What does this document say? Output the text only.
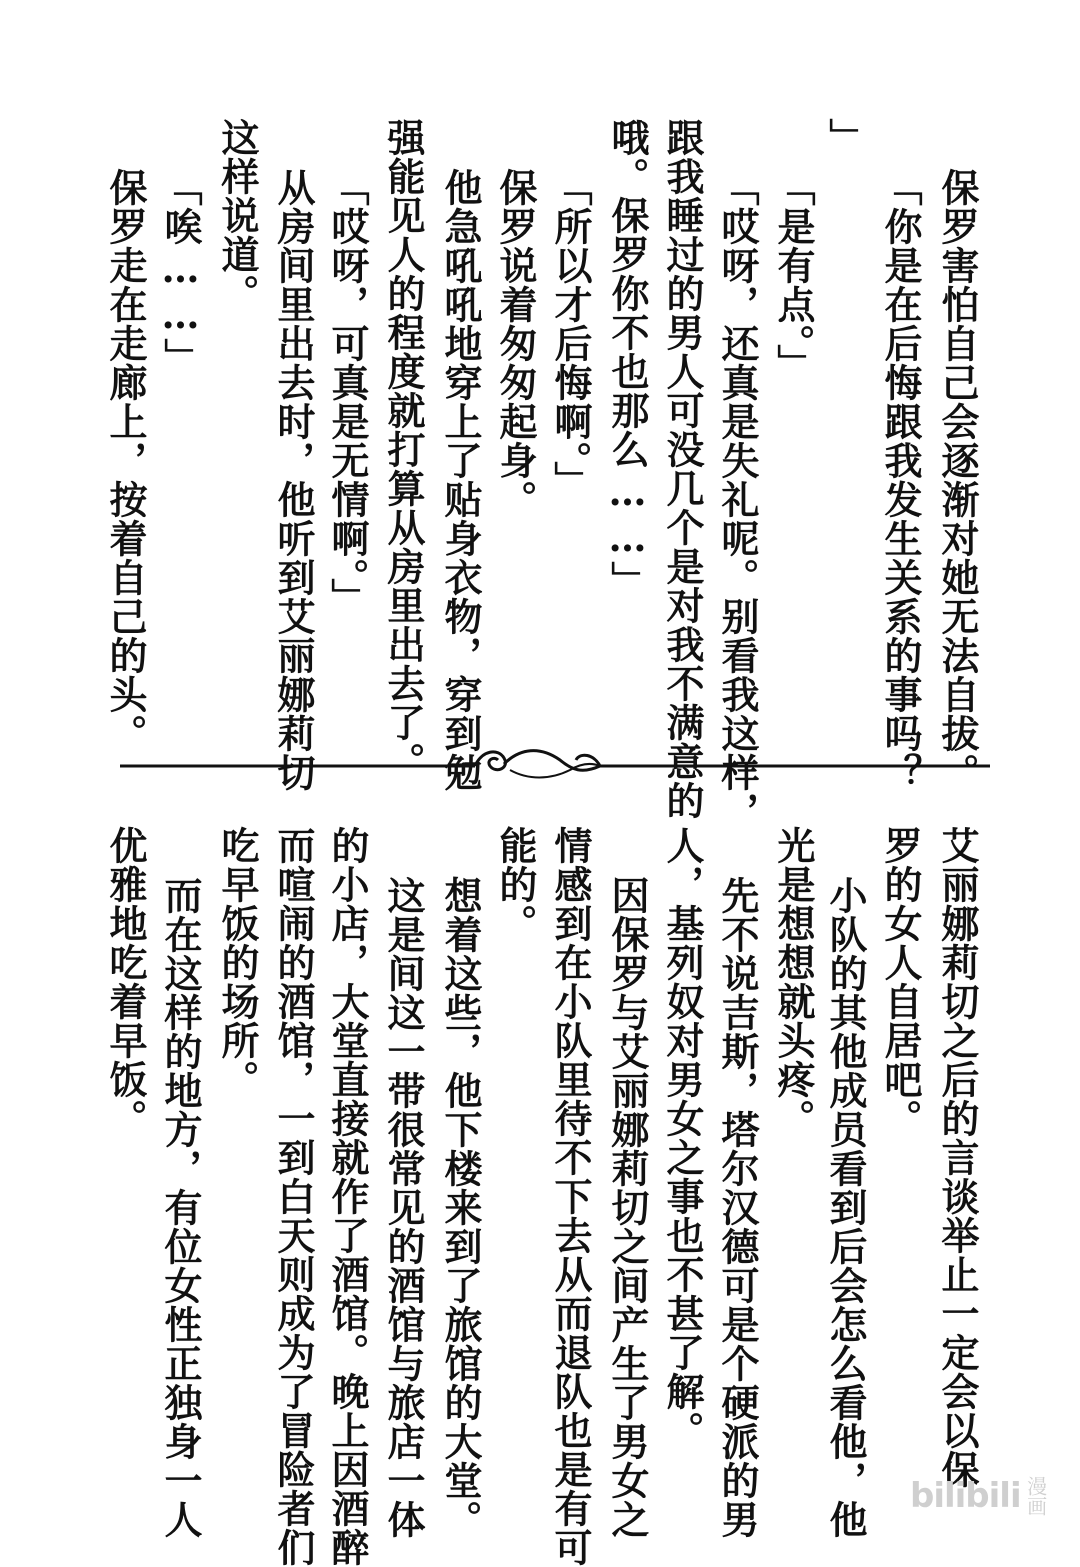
保罗害怕自己会逐渐对她无法自拔。
「你是在后悔跟我发生关系的事吗？
」
「是有点。」
「哎呀，还真是失礼呢。别看我这样，
跟我睡过的男人可没几个是对我不满意的
哦。保罗你不也那么……」
「所以才后悔啊。」
保罗说着匆匆起身。
他急吼吼地穿上了贴身衣物，穿到勉
强能见人的程度就打算从房里出去了。
「哎呀，可真是无情啊。」
从房间里出去时，他听到艾丽娜莉切
这样说道。
「唉……」
保罗走在走廊上，按着自己的头。
艾丽娜莉切之后的言谈举止一定会以保
罗的女人自居吧。
小队的其他成员看到后会怎么看他，他
光是想想就头疼。
先不说吉斯，塔尔汉德可是个硬派的男
人，基列奴对男女之事也不甚了解。
因保罗与艾丽娜莉切之间产生了男女之
情感到在小队里待不下去从而退队也是有可
能的。
想着这些，他下楼来到了旅馆的大堂。
这是间这一带很常见的酒馆与旅店一体
的小店，大堂直接就作了酒馆。晚上因酒醉
而喧闹的酒馆，一到白天则成为了冒险者们
吃早饭的场所。
而在这样的地方，有位女性正独身一人
优雅地吃着早饭。
bilibili 漫画
